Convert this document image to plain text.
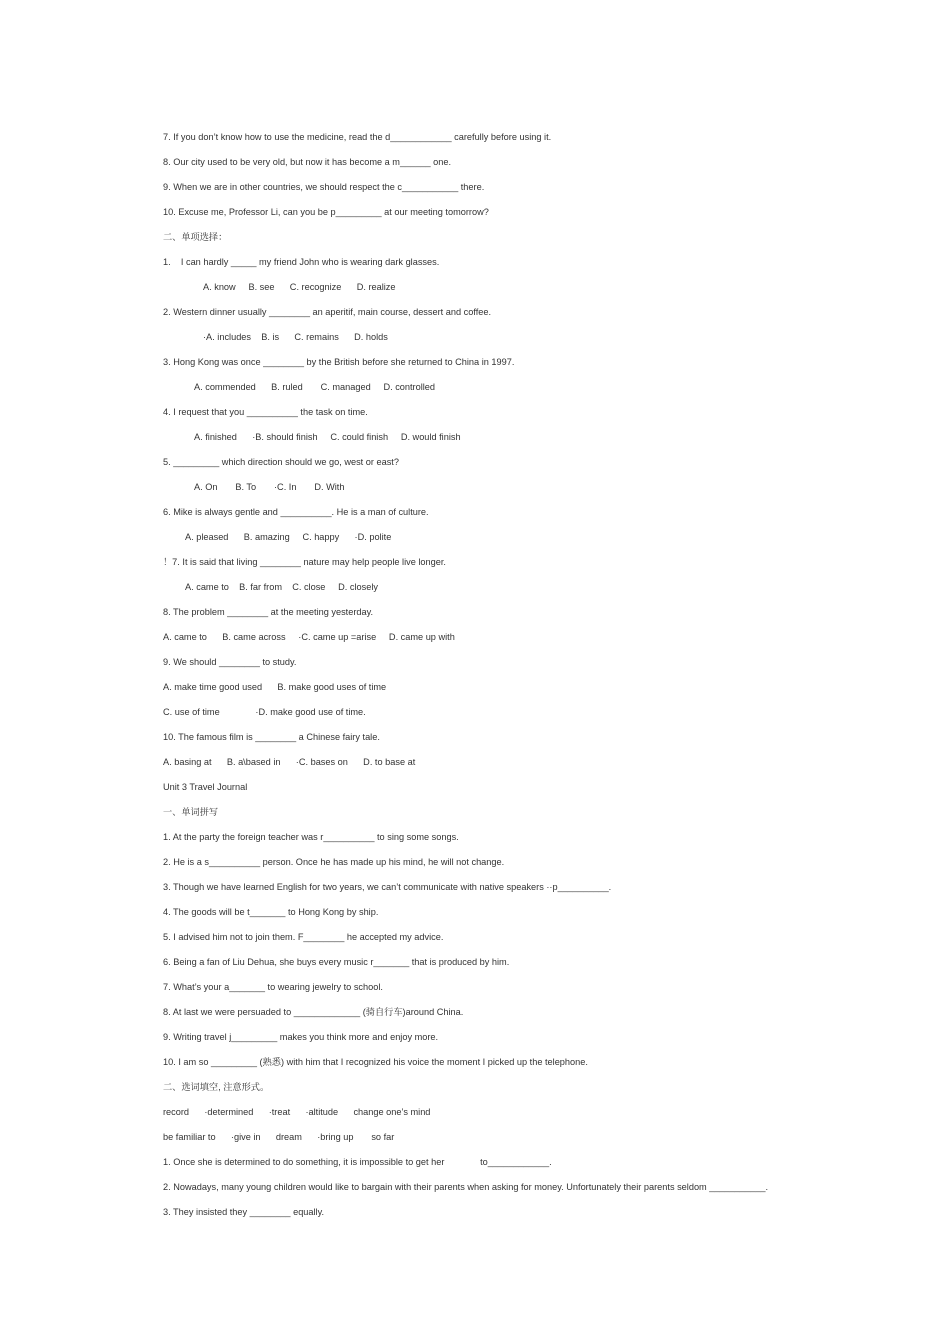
7. If you don’t know how to use the medicine, read the d____________ carefully before using it.
8. Our city used to be very old, but now it has become a m______ one.
9. When we are in other countries, we should respect the c___________ there.
10. Excuse me, Professor Li, can you be p_________ at our meeting tomorrow?
二、单项选择：
1.    I can hardly _____ my friend John who is wearing dark glasses.
A. know     B. see      C. recognize      D. realize
2. Western dinner usually ________ an aperitif, main course, dessert and coffee.
·A. includes    B. is      C. remains      D. holds
3. Hong Kong was once ________ by the British before she returned to China in 1997.
A. commended      B. ruled       C. managed     D. controlled
4. I request that you __________ the task on time.
A. finished      ·B. should finish     C. could finish     D. would finish
5. _________ which direction should we go, west or east?
A. On       B. To       ·C. In       D. With
6. Mike is always gentle and __________. He is a man of culture.
A. pleased      B. amazing     C. happy      ·D. polite
！7. It is said that living ________ nature may help people live longer.
A. came to    B. far from    C. close     D. closely
8. The problem ________ at the meeting yesterday.
A. came to      B. came across     ·C. came up =arise     D. came up with
9. We should ________ to study.
A. make time good used      B. make good uses of time
C. use of time              ·D. make good use of time.
10. The famous film is ________ a Chinese fairy tale.
A. basing at      B. a\based in      ·C. bases on      D. to base at
Unit 3 Travel Journal
一、单词拼写
1. At the party the foreign teacher was r__________ to sing some songs.
2. He is a s__________ person. Once he has made up his mind, he will not change.
3. Though we have learned English for two years, we can’t communicate with native speakers ··p__________.
4. The goods will be t_______ to Hong Kong by ship.
5. I advised him not to join them. F________ he accepted my advice.
6. Being a fan of Liu Dehua, she buys every music r_______ that is produced by him.
7. What’s your a_______ to wearing jewelry to school.
8. At last we were persuaded to _____________ (骑自行车)around China.
9. Writing travel j_________ makes you think more and enjoy more.
10. I am so _________ (熟悉) with him that I recognized his voice the moment I picked up the telephone.
二、选词填空, 注意形式。
record      ·determined      ·treat      ·altitude      change one’s mind
be familiar to      ·give in      dream      ·bring up       so far
1. Once she is determined to do something, it is impossible to get her              to____________.
2. Nowadays, many young children would like to bargain with their parents when asking for money. Unfortunately their parents seldom ___________.
3. They insisted they ________ equally.
